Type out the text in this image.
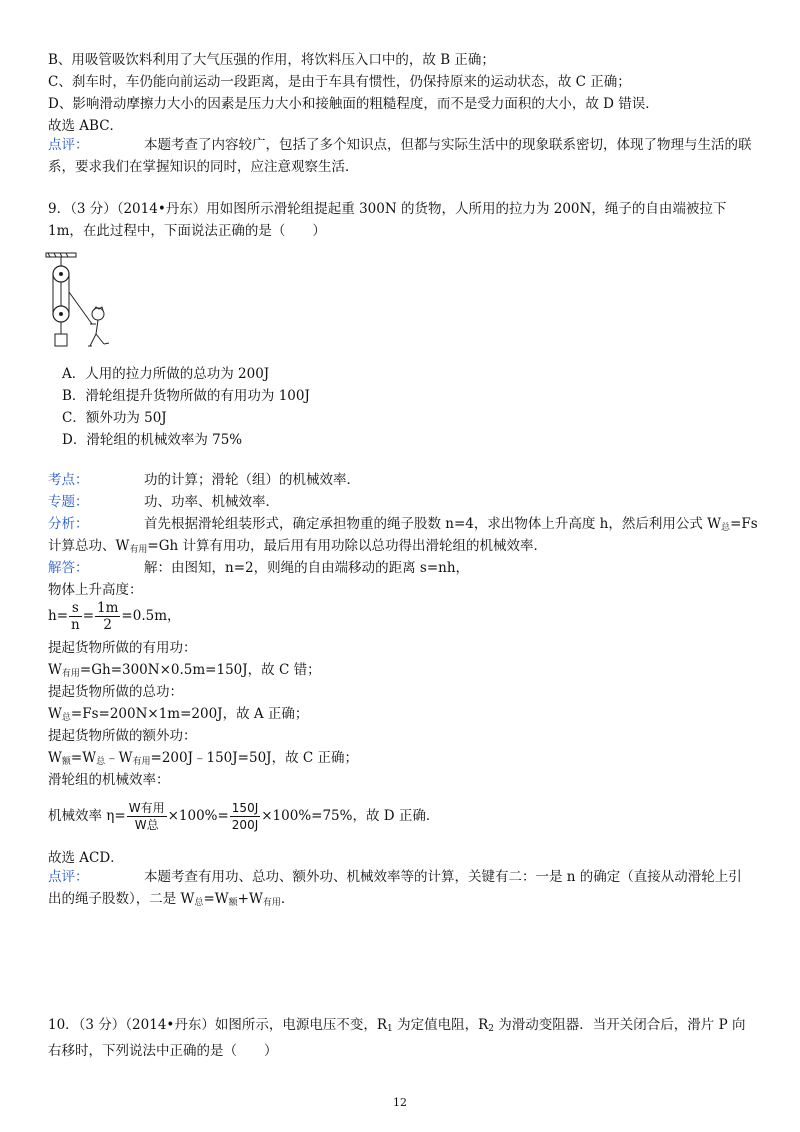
B、用吸管吸饮料利用了大气压强的作用，将饮料压入口中的，故 B 正确；
C、刹车时，车仍能向前运动一段距离，是由于车具有惯性，仍保持原来的运动状态，故 C 正确；
D、影响滑动摩擦力大小的因素是压力大小和接触面的粗糙程度，而不是受力面积的大小，故 D 错误．
故选 ABC．
点评：	本题考查了内容较广，包括了多个知识点，但都与实际生活中的现象联系密切，体现了物理与生活的联系，要求我们在掌握知识的同时，应注意观察生活．
9．（3 分）（2014•丹东）用如图所示滑轮组提起重 300N 的货物，人所用的拉力为 200N，绳子的自由端被拉下 1m，在此过程中，下面说法正确的是（　　）
A．人用的拉力所做的总功为 200J
B．滑轮组提升货物所做的有用功为 100J
C．额外功为 50J
D．滑轮组的机械效率为 75%
考点：	功的计算；滑轮（组）的机械效率．
专题：	功、功率、机械效率．
分析：	首先根据滑轮组装形式，确定承担物重的绳子股数 n=4，求出物体上升高度 h，然后利用公式 $W_总=Fs$
计算总功、$W_{有用}=Gh$ 计算有用功，最后用有用功除以总功得出滑轮组的机械效率．
解答：	解：由图知，n=2，则绳的自由端移动的距离 s=nh，
物体上升高度：
$h= \frac{s}{n} = \frac{1m}{2} =0.5m$，
提起货物所做的有用功：
$W_{有用}=Gh=300N\times 0.5m=150J$，故 C 错；
提起货物所做的总功：
$W_总=Fs=200N\times 1m=200J$，故 A 正确；
提起货物所做的额外功：
$W_额=W_总﹣W_{有用}=200J﹣150J=50J$，故 C 正确；
滑轮组的机械效率：
机械效率 $\eta= \frac{\text{W有用}}{\text{W总}} \times 100\%= \frac{150J}{200J} \times 100\%=75\%$，故 D 正确．
故选 ACD．
点评：	本题考查有用功、总功、额外功、机械效率等的计算，关键有二：一是 n 的确定（直接从动滑轮上引出的绳子股数），二是 $W_总=W_额+W_{有用}$．
10．（3 分）（2014•丹东）如图所示，电源电压不变，$R_1$ 为定值电阻，$R_2$ 为滑动变阻器．当开关闭合后，滑片 P 向右移时，下列说法中正确的是（　　）
12
